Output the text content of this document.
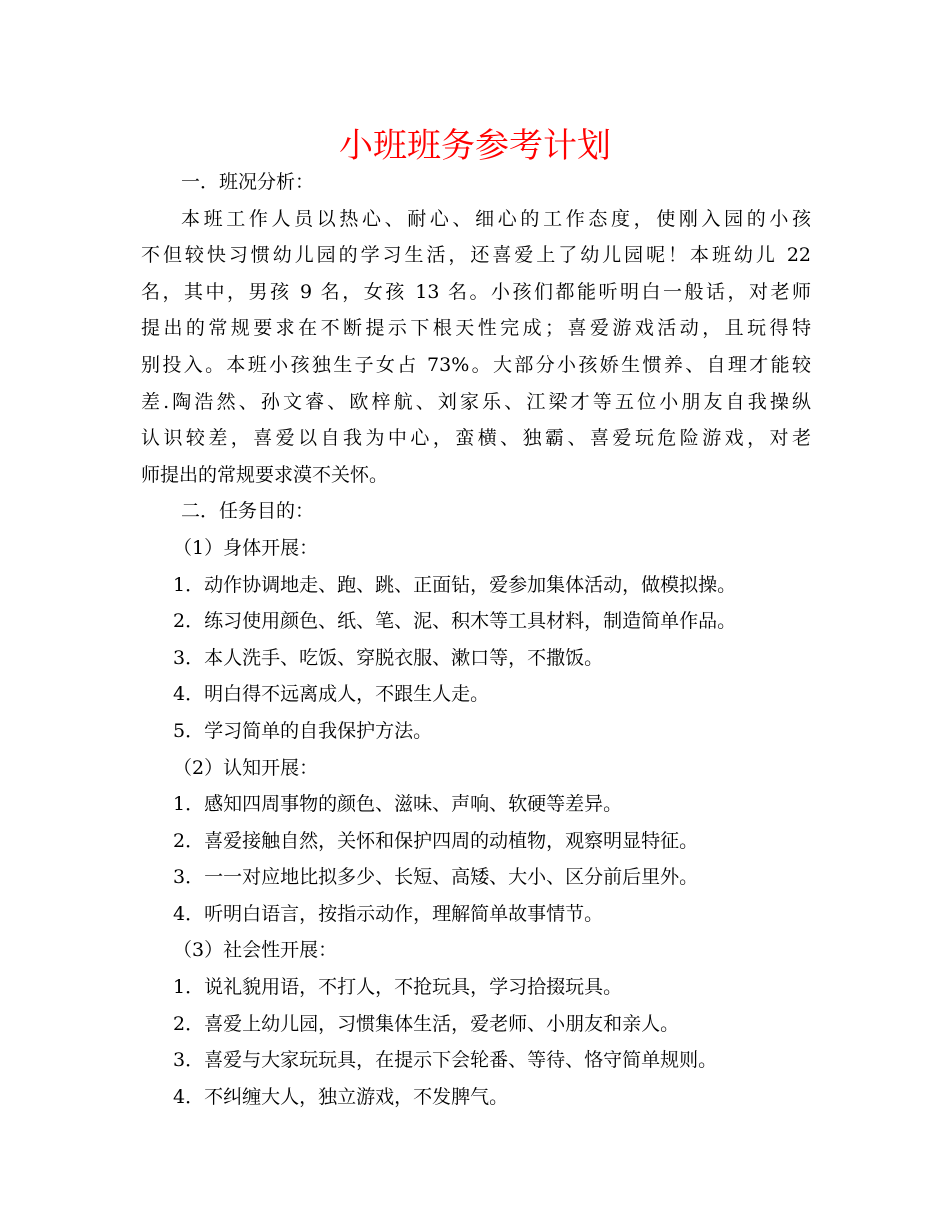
小班班务参考计划

一．班况分析：

本班工作人员以热心、耐心、细心的工作态度，使刚入园的小孩

不但较快习惯幼儿园的学习生活，还喜爱上了幼儿园呢！本班幼儿 22

名，其中，男孩 9 名，女孩 13 名。小孩们都能听明白一般话，对老师

提出的常规要求在不断提示下根天性完成；喜爱游戏活动，且玩得特

别投入。本班小孩独生子女占 73%。大部分小孩娇生惯养、自理才能较

差.陶浩然、孙文睿、欧梓航、刘家乐、江梁才等五位小朋友自我操纵

认识较差，喜爱以自我为中心，蛮横、独霸、喜爱玩危险游戏，对老

师提出的常规要求漠不关怀。

二．任务目的：

（1）身体开展：

1．动作协调地走、跑、跳、正面钻，爱参加集体活动，做模拟操。

2．练习使用颜色、纸、笔、泥、积木等工具材料，制造简单作品。

3．本人洗手、吃饭、穿脱衣服、漱口等，不撒饭。

4．明白得不远离成人，不跟生人走。

5．学习简单的自我保护方法。

（2）认知开展：

1．感知四周事物的颜色、滋味、声响、软硬等差异。

2．喜爱接触自然，关怀和保护四周的动植物，观察明显特征。

3．一一对应地比拟多少、长短、高矮、大小、区分前后里外。

4．听明白语言，按指示动作，理解简单故事情节。

（3）社会性开展：

1．说礼貌用语，不打人，不抢玩具，学习拾掇玩具。

2．喜爱上幼儿园，习惯集体生活，爱老师、小朋友和亲人。

3．喜爱与大家玩玩具，在提示下会轮番、等待、恪守简单规则。

4．不纠缠大人，独立游戏，不发脾气。
